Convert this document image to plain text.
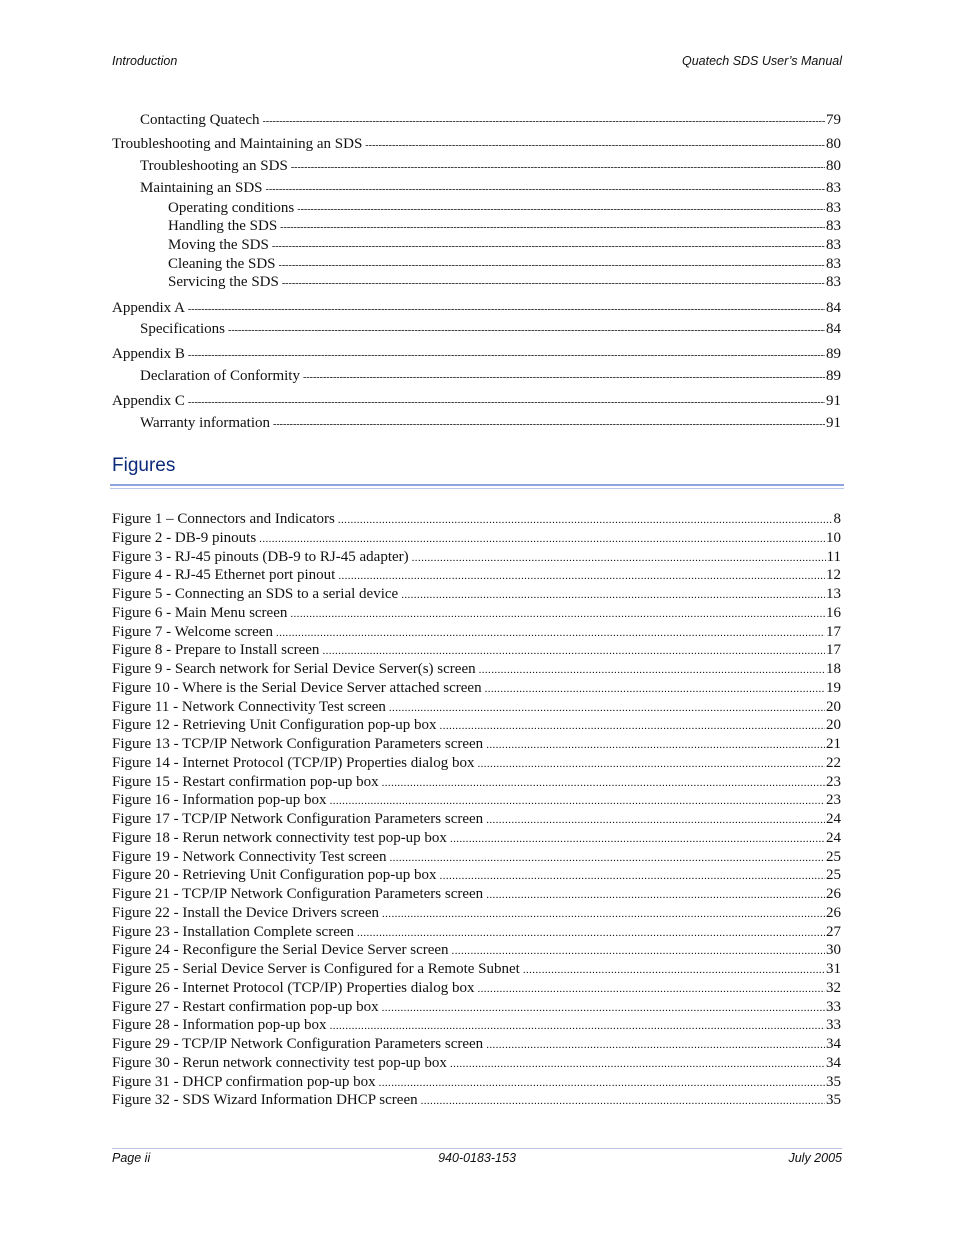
Introduction	Quatech SDS User’s Manual
Contacting Quatech -----	79
Troubleshooting and Maintaining an SDS -----	80
Troubleshooting an SDS -----	80
Maintaining an SDS -----	83
Operating conditions -----	83
Handling the SDS -----	83
Moving the SDS -----	83
Cleaning the SDS -----	83
Servicing the SDS -----	83
Appendix A -----	84
Specifications -----	84
Appendix B -----	89
Declaration of Conformity -----	89
Appendix C -----	91
Warranty information -----	91
Figures
Figure 1 – Connectors and Indicators .....	8
Figure 2 - DB-9 pinouts .....	10
Figure 3 - RJ-45 pinouts (DB-9 to RJ-45 adapter) .....	11
Figure 4 - RJ-45 Ethernet port pinout .....	12
Figure 5 - Connecting an SDS to a serial device .....	13
Figure 6 - Main Menu screen .....	16
Figure 7 - Welcome screen .....	17
Figure 8 - Prepare to Install screen .....	17
Figure 9 - Search network for Serial Device Server(s) screen .....	18
Figure 10 - Where is the Serial Device Server attached screen .....	19
Figure 11 - Network Connectivity Test screen .....	20
Figure 12 - Retrieving Unit Configuration pop-up box .....	20
Figure 13 - TCP/IP Network Configuration Parameters screen .....	21
Figure 14 - Internet Protocol (TCP/IP) Properties dialog box .....	22
Figure 15 - Restart confirmation pop-up box .....	23
Figure 16 - Information pop-up box .....	23
Figure 17 - TCP/IP Network Configuration Parameters screen .....	24
Figure 18 - Rerun network connectivity test pop-up box .....	24
Figure 19 - Network Connectivity Test screen .....	25
Figure 20 - Retrieving Unit Configuration pop-up box .....	25
Figure 21 - TCP/IP Network Configuration Parameters screen .....	26
Figure 22 - Install the Device Drivers screen .....	26
Figure 23 - Installation Complete screen .....	27
Figure 24 - Reconfigure the Serial Device Server screen .....	30
Figure 25 - Serial Device Server is Configured for a Remote Subnet .....	31
Figure 26 - Internet Protocol (TCP/IP) Properties dialog box .....	32
Figure 27 - Restart confirmation pop-up box .....	33
Figure 28 - Information pop-up box .....	33
Figure 29 - TCP/IP Network Configuration Parameters screen .....	34
Figure 30 - Rerun network connectivity test pop-up box .....	34
Figure 31 - DHCP confirmation pop-up box .....	35
Figure 32 - SDS Wizard Information DHCP screen .....	35
Page ii	940-0183-153	July 2005
